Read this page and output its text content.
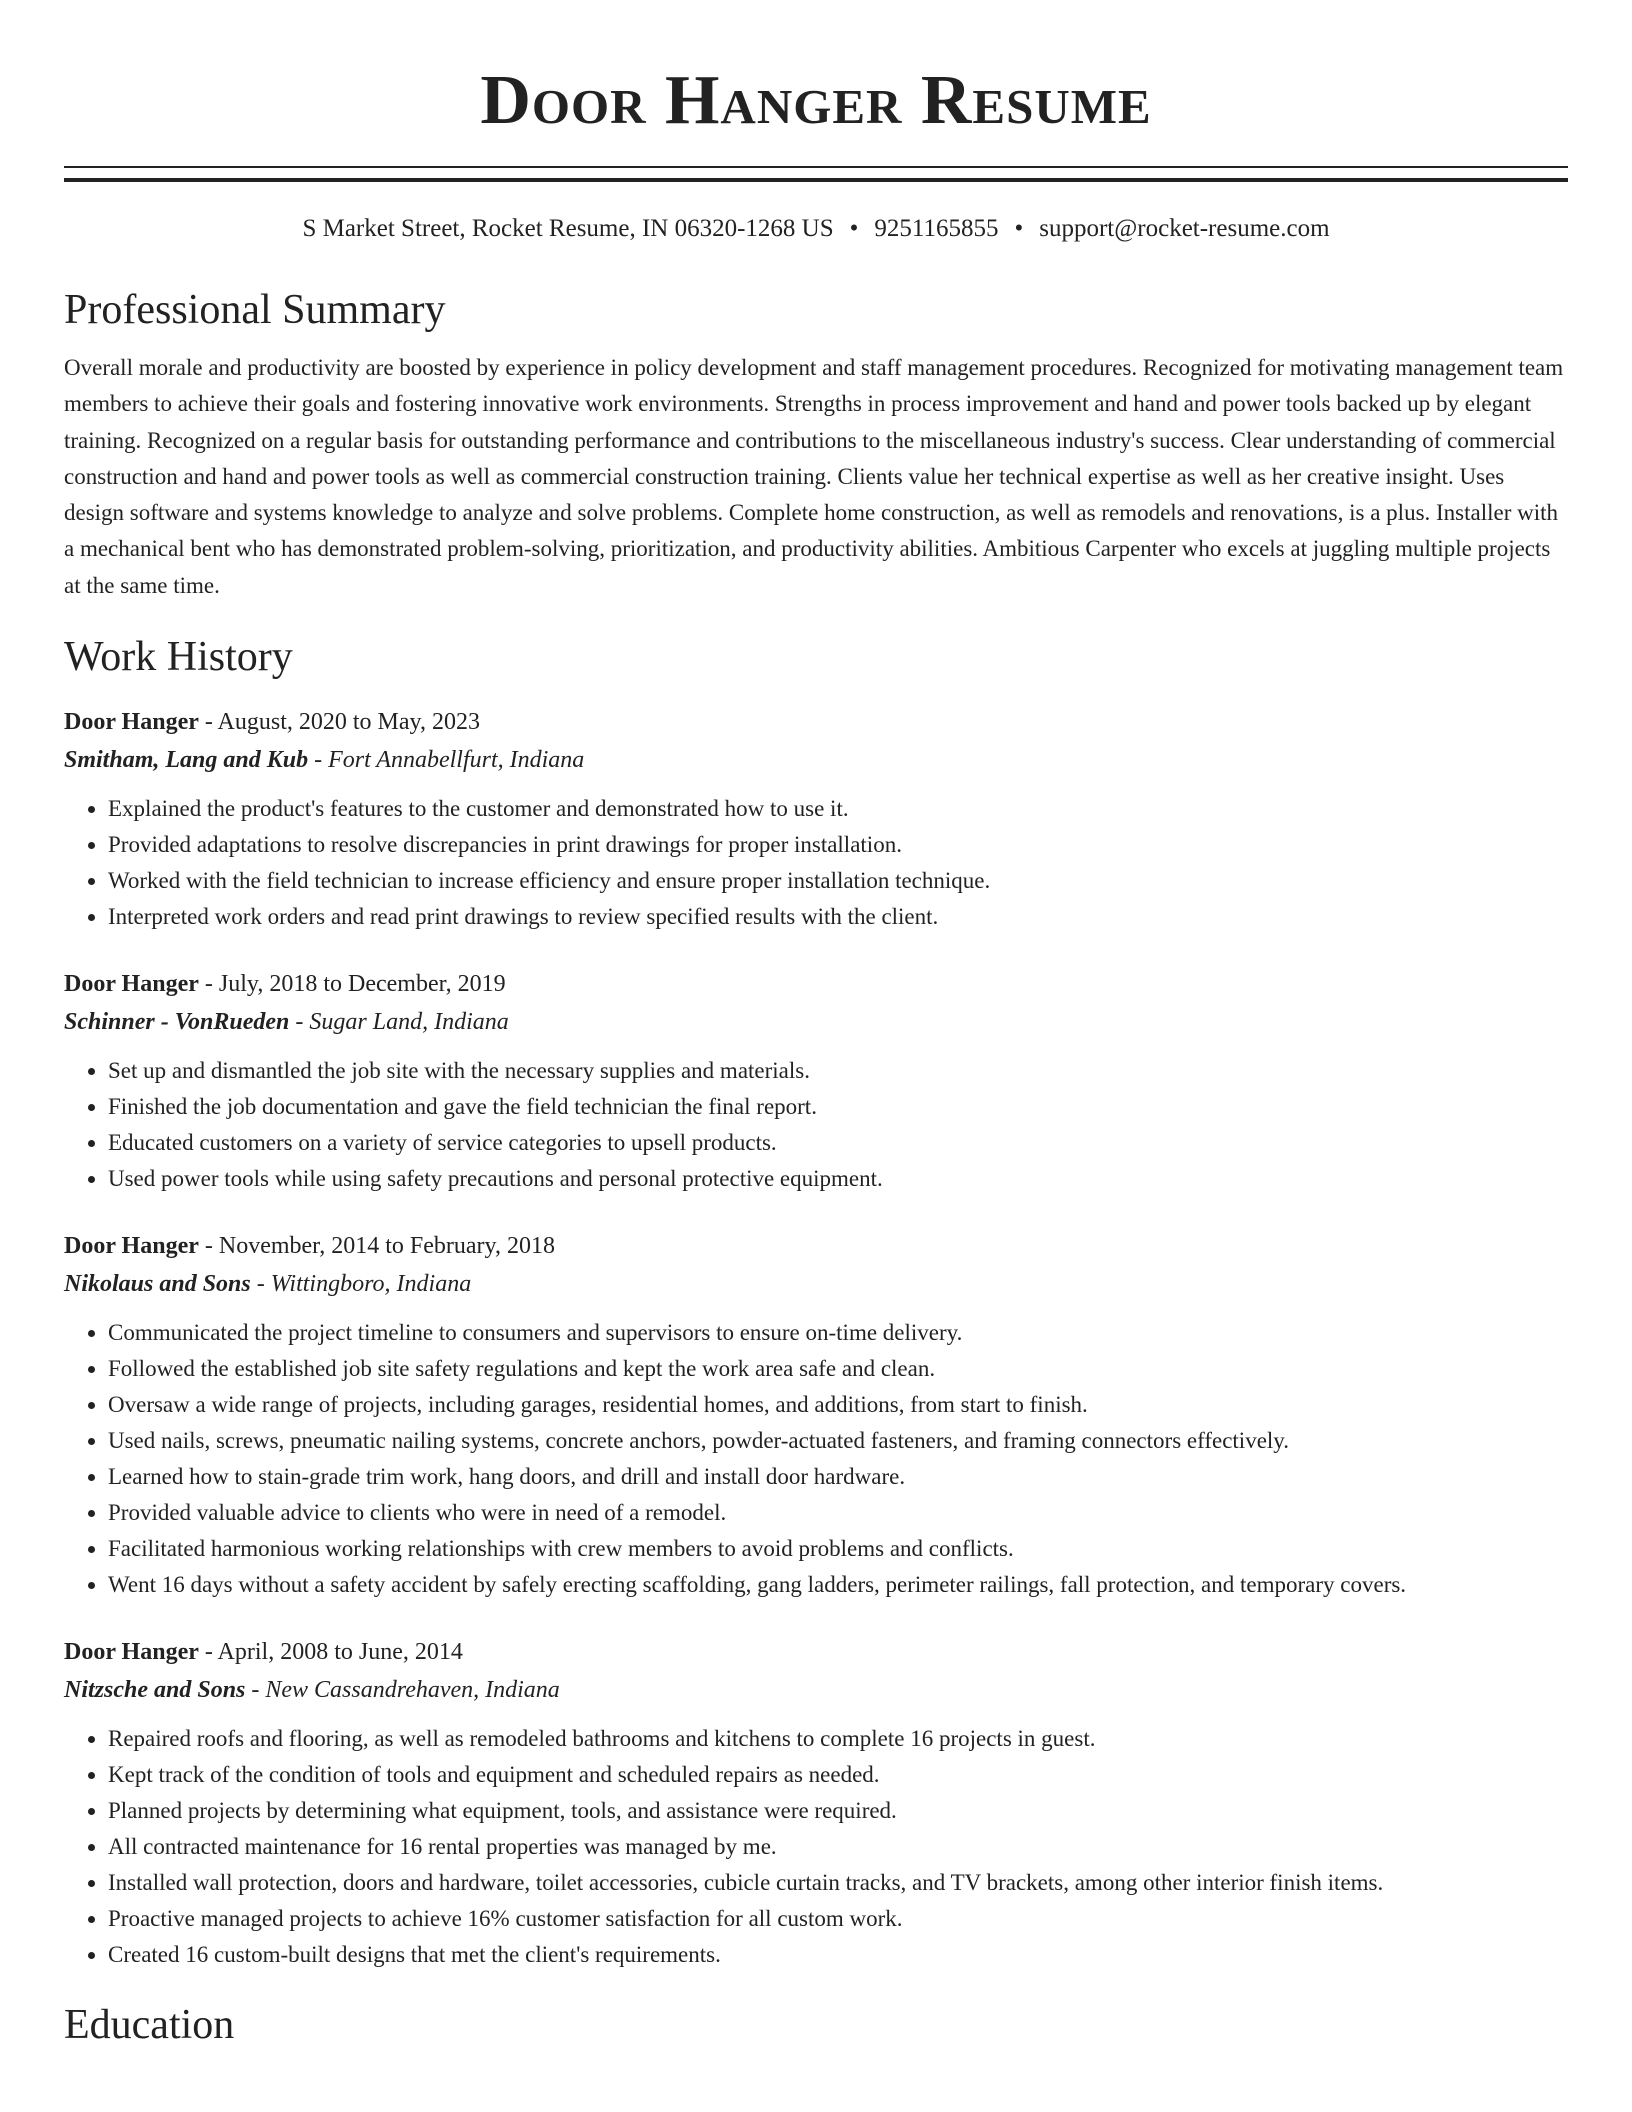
Door Hanger Resume
S Market Street, Rocket Resume, IN 06320-1268 US • 9251165855 • support@rocket-resume.com
Professional Summary
Overall morale and productivity are boosted by experience in policy development and staff management procedures. Recognized for motivating management team members to achieve their goals and fostering innovative work environments. Strengths in process improvement and hand and power tools backed up by elegant training. Recognized on a regular basis for outstanding performance and contributions to the miscellaneous industry's success. Clear understanding of commercial construction and hand and power tools as well as commercial construction training. Clients value her technical expertise as well as her creative insight. Uses design software and systems knowledge to analyze and solve problems. Complete home construction, as well as remodels and renovations, is a plus. Installer with a mechanical bent who has demonstrated problem-solving, prioritization, and productivity abilities. Ambitious Carpenter who excels at juggling multiple projects at the same time.
Work History
Door Hanger - August, 2020 to May, 2023
Smitham, Lang and Kub - Fort Annabellfurt, Indiana
• Explained the product's features to the customer and demonstrated how to use it.
• Provided adaptations to resolve discrepancies in print drawings for proper installation.
• Worked with the field technician to increase efficiency and ensure proper installation technique.
• Interpreted work orders and read print drawings to review specified results with the client.
Door Hanger - July, 2018 to December, 2019
Schinner - VonRueden - Sugar Land, Indiana
• Set up and dismantled the job site with the necessary supplies and materials.
• Finished the job documentation and gave the field technician the final report.
• Educated customers on a variety of service categories to upsell products.
• Used power tools while using safety precautions and personal protective equipment.
Door Hanger - November, 2014 to February, 2018
Nikolaus and Sons - Wittingboro, Indiana
• Communicated the project timeline to consumers and supervisors to ensure on-time delivery.
• Followed the established job site safety regulations and kept the work area safe and clean.
• Oversaw a wide range of projects, including garages, residential homes, and additions, from start to finish.
• Used nails, screws, pneumatic nailing systems, concrete anchors, powder-actuated fasteners, and framing connectors effectively.
• Learned how to stain-grade trim work, hang doors, and drill and install door hardware.
• Provided valuable advice to clients who were in need of a remodel.
• Facilitated harmonious working relationships with crew members to avoid problems and conflicts.
• Went 16 days without a safety accident by safely erecting scaffolding, gang ladders, perimeter railings, fall protection, and temporary covers.
Door Hanger - April, 2008 to June, 2014
Nitzsche and Sons - New Cassandrehaven, Indiana
• Repaired roofs and flooring, as well as remodeled bathrooms and kitchens to complete 16 projects in guest.
• Kept track of the condition of tools and equipment and scheduled repairs as needed.
• Planned projects by determining what equipment, tools, and assistance were required.
• All contracted maintenance for 16 rental properties was managed by me.
• Installed wall protection, doors and hardware, toilet accessories, cubicle curtain tracks, and TV brackets, among other interior finish items.
• Proactive managed projects to achieve 16% customer satisfaction for all custom work.
• Created 16 custom-built designs that met the client's requirements.
Education
